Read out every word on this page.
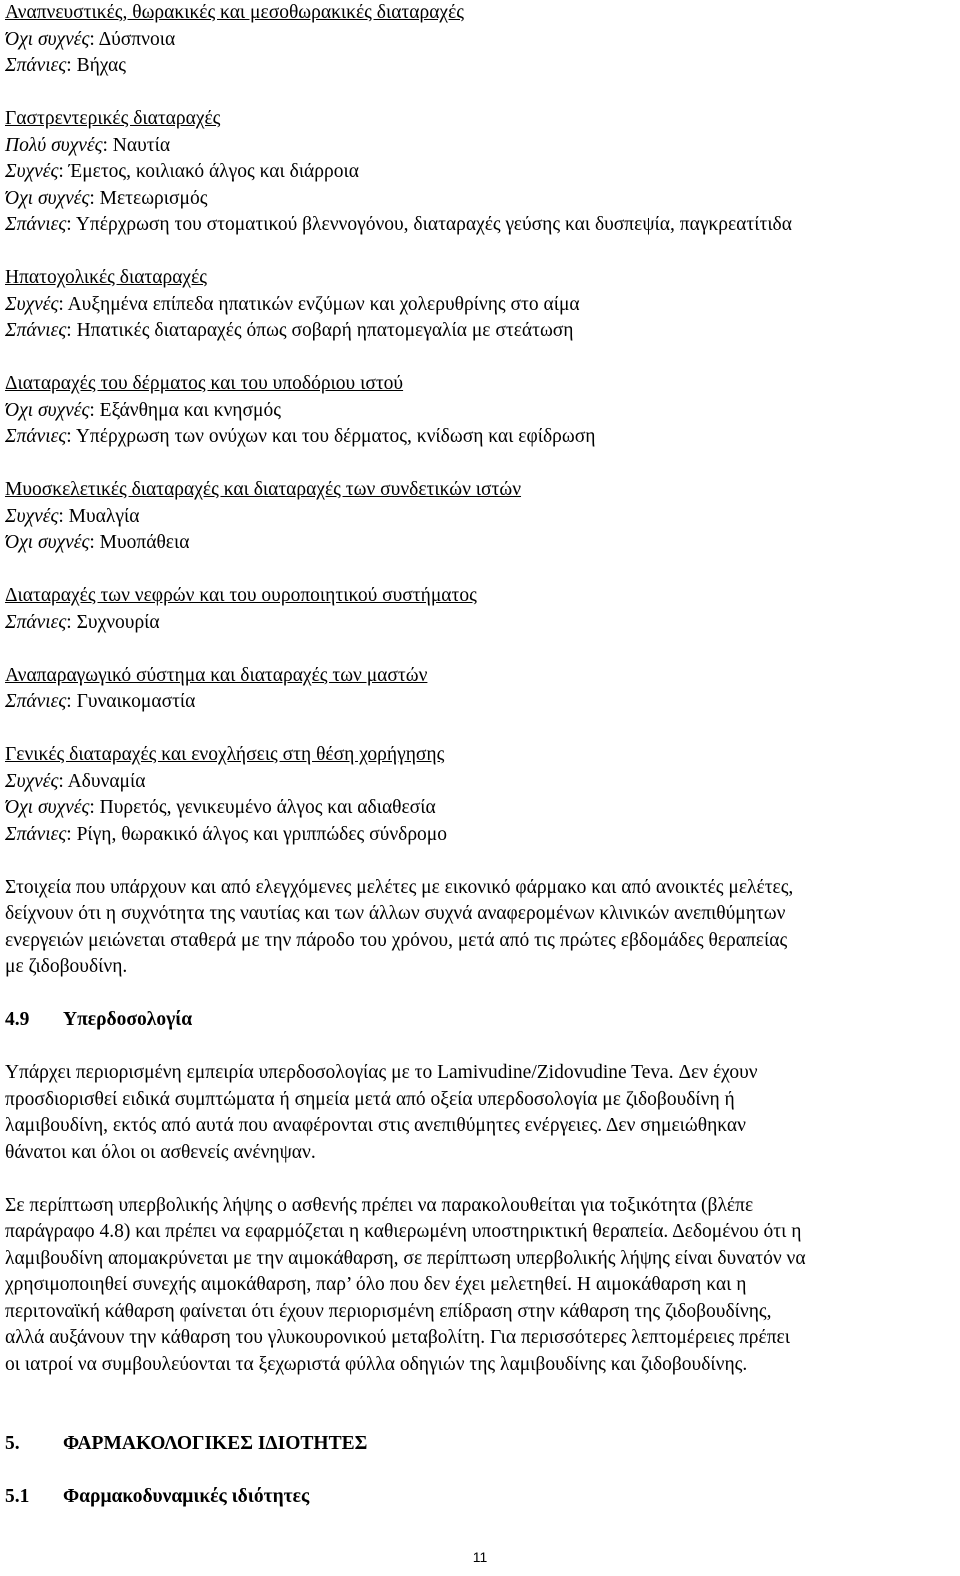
Αναπνευστικές, θωρακικές και μεσοθωρακικές διαταραχές
Όχι συχνές: Δύσπνοια
Σπάνιες: Βήχας
Γαστρεντερικές διαταραχές
Πολύ συχνές: Ναυτία
Συχνές: Έμετος, κοιλιακό άλγος και διάρροια
Όχι συχνές: Μετεωρισμός
Σπάνιες: Υπέρχρωση του στοματικού βλεννογόνου, διαταραχές γεύσης και δυσπεψία, παγκρεατίτιδα
Ηπατοχολικές διαταραχές
Συχνές: Αυξημένα επίπεδα ηπατικών ενζύμων και χολερυθρίνης στο αίμα
Σπάνιες: Ηπατικές διαταραχές όπως σοβαρή ηπατομεγαλία με στεάτωση
Διαταραχές του δέρματος και του υποδόριου ιστού
Όχι συχνές: Εξάνθημα και κνησμός
Σπάνιες: Υπέρχρωση των ονύχων και του δέρματος, κνίδωση και εφίδρωση
Μυοσκελετικές διαταραχές και διαταραχές των συνδετικών ιστών
Συχνές: Μυαλγία
Όχι συχνές: Μυοπάθεια
Διαταραχές των νεφρών και του ουροποιητικού συστήματος
Σπάνιες: Συχνουρία
Αναπαραγωγικό σύστημα και διαταραχές των μαστών
Σπάνιες: Γυναικομαστία
Γενικές διαταραχές και ενοχλήσεις στη θέση χορήγησης
Συχνές: Αδυναμία
Όχι συχνές: Πυρετός, γενικευμένο άλγος και αδιαθεσία
Σπάνιες: Ρίγη, θωρακικό άλγος και γριππώδες σύνδρομο
Στοιχεία που υπάρχουν και από ελεγχόμενες μελέτες με εικονικό φάρμακο και από ανοικτές μελέτες,
δείχνουν ότι η συχνότητα της ναυτίας και των άλλων συχνά αναφερομένων κλινικών ανεπιθύμητων
ενεργειών μειώνεται σταθερά με την πάροδο του χρόνου, μετά από τις πρώτες εβδομάδες θεραπείας
με ζιδοβουδίνη.
4.9 Υπερδοσολογία
Υπάρχει περιορισμένη εμπειρία υπερδοσολογίας με το Lamivudine/Zidovudine Teva. Δεν έχουν
προσδιορισθεί ειδικά συμπτώματα ή σημεία μετά από οξεία υπερδοσολογία με ζιδοβουδίνη ή
λαμιβουδίνη, εκτός από αυτά που αναφέρονται στις ανεπιθύμητες ενέργειες. Δεν σημειώθηκαν
θάνατοι και όλοι οι ασθενείς ανένηψαν.
Σε περίπτωση υπερβολικής λήψης ο ασθενής πρέπει να παρακολουθείται για τοξικότητα (βλέπε
παράγραφο 4.8) και πρέπει να εφαρμόζεται η καθιερωμένη υποστηρικτική θεραπεία. Δεδομένου ότι η
λαμιβουδίνη απομακρύνεται με την αιμοκάθαρση, σε περίπτωση υπερβολικής λήψης είναι δυνατόν να
χρησιμοποιηθεί συνεχής αιμοκάθαρση, παρ’ όλο που δεν έχει μελετηθεί. Η αιμοκάθαρση και η
περιτοναϊκή κάθαρση φαίνεται ότι έχουν περιορισμένη επίδραση στην κάθαρση της ζιδοβουδίνης,
αλλά αυξάνουν την κάθαρση του γλυκουρονικού μεταβολίτη. Για περισσότερες λεπτομέρειες πρέπει
οι ιατροί να συμβουλεύονται τα ξεχωριστά φύλλα οδηγιών της λαμιβουδίνης και ζιδοβουδίνης.
5. ΦΑΡΜΑΚΟΛΟΓΙΚΕΣ ΙΔΙΟΤΗΤΕΣ
5.1 Φαρμακοδυναμικές ιδιότητες
11
